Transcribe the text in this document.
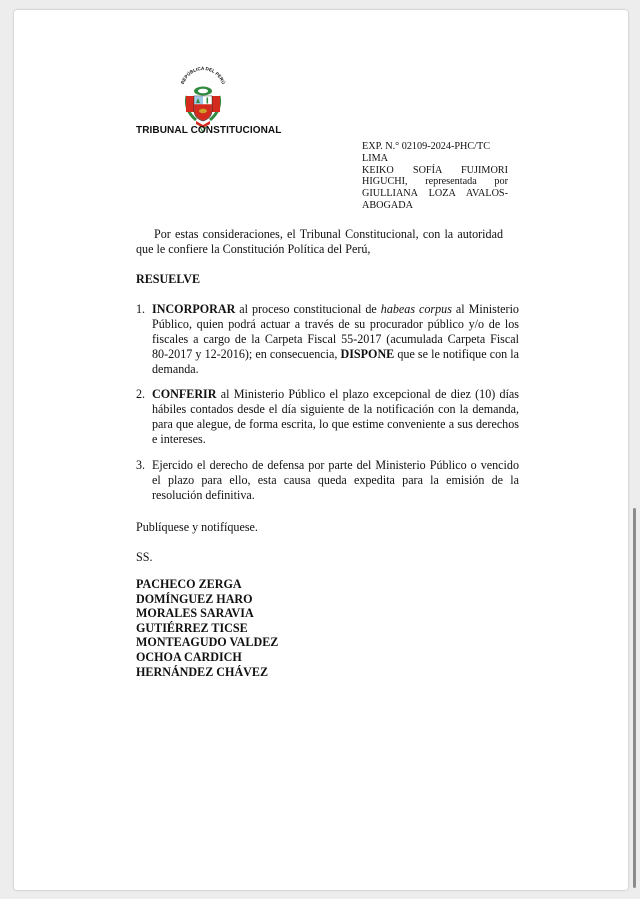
REPÚBLICA DEL PERÚ
TRIBUNAL CONSTITUCIONAL
EXP. N.° 02109-2024-PHC/TC
LIMA
KEIKO SOFÍA FUJIMORI
HIGUCHI, representada por
GIULLIANA LOZA AVALOS-
ABOGADA
Por estas consideraciones, el Tribunal Constitucional, con la autoridad que le confiere la Constitución Política del Perú,
RESUELVE
1. INCORPORAR al proceso constitucional de habeas corpus al Ministerio Público, quien podrá actuar a través de su procurador público y/o de los fiscales a cargo de la Carpeta Fiscal 55-2017 (acumulada Carpeta Fiscal 80-2017 y 12-2016); en consecuencia, DISPONE que se le notifique con la demanda.
2. CONFERIR al Ministerio Público el plazo excepcional de diez (10) días hábiles contados desde el día siguiente de la notificación con la demanda, para que alegue, de forma escrita, lo que estime conveniente a sus derechos e intereses.
3. Ejercido el derecho de defensa por parte del Ministerio Público o vencido el plazo para ello, esta causa queda expedita para la emisión de la resolución definitiva.
Publíquese y notifíquese.
SS.
PACHECO ZERGA
DOMÍNGUEZ HARO
MORALES SARAVIA
GUTIÉRREZ TICSE
MONTEAGUDO VALDEZ
OCHOA CARDICH
HERNÁNDEZ CHÁVEZ
